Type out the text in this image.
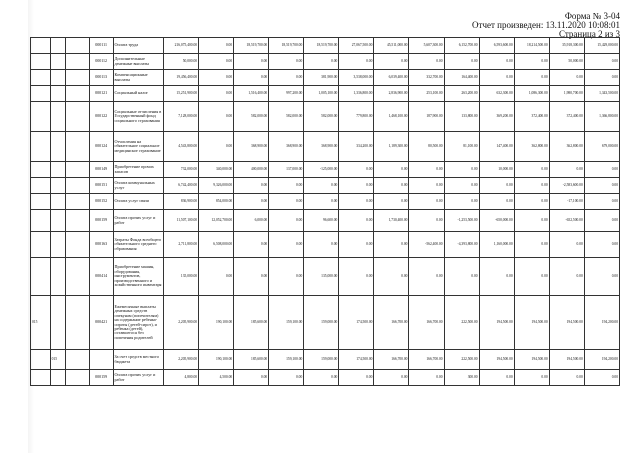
Форма № 3-04
Отчет произведен: 13.11.2020 10:08:01
Страница 2 из 3
			000111	Оплата труда	216,075,400.00	0.00	18,519,700.00	18,519,700.00	18,519,700.00	27,067,500.00	45,511,000.00	5,607,300.00	6,152,700.00	6,593,600.00	18,214,500.00	35,918,300.00	15,429,000.00
			000112	Дополнительные денежные выплаты	50,000.00	0.00	0.00	0.00	0.00	0.00	0.00	0.00	0.00	0.00	0.00	50,000.00	0.00
			000113	Компенсационные выплаты	19,456,400.00	0.00	0.00	0.00	381,900.00	3,538,000.00	6,039,400.00	332,700.00	164,400.00	0.00	0.00	0.00	0.00
			000121	Социальный налог	15,251,900.00	0.00	1,516,400.00	997,200.00	1,005,100.00	1,336,800.00	2,836,900.00	253,100.00	263,200.00	632,300.00	1,086,300.00	1,980,700.00	1,343,500.00
			000122	Социальные отчисления в Государственный фонд социального страхования	7,128,000.00	0.00	582,000.00	582,000.00	582,000.00	779,800.00	1,468,100.00	187,900.00	133,800.00	369,200.00	372,400.00	372,400.00	1,366,800.00
			000124	Отчисления на обязательное социальное медицинское страхование	4,543,800.00	0.00	368,900.00	368,900.00	368,900.00	334,200.00	1,189,300.00	80,500.00	81,100.00	147,400.00	362,800.00	362,800.00	679,000.00
			000149	Приобретение прочих запасов	732,000.00	340,000.00	400,000.00	137,000.00	-125,000.00	0.00	0.00	0.00	0.00	10,000.00	0.00	0.00	0.00
			000151	Оплата коммунальных услуг	6,742,400.00	9,326,000.00	0.00	0.00	0.00	0.00	0.00	0.00	0.00	0.00	0.00	-2,583,600.00	0.00
			000152	Оплата услуг связи	836,900.00	854,000.00	0.00	0.00	0.00	0.00	0.00	0.00	0.00	0.00	0.00	-17,100.00	0.00
			000159	Оплата прочих услуг и работ	11,507,100.00	12,052,700.00	6,000.00	0.00	96,600.00	0.00	1,730,400.00	0.00	-1,253,500.00	-650,000.00	0.00	-652,500.00	0.00
			000163	Затраты Фонда всеобщего обязательного среднего образования	2,711,800.00	6,508,000.00	0.00	0.00	0.00	0.00	0.00	-562,400.00	-4,393,800.00	1,160,000.00	0.00	0.00	0.00
			000414	Приобретение машин, оборудования, инструментов, производственного и хозяйственного инвентаря	135,000.00	0.00	0.00	0.00	135,000.00	0.00	0.00	0.00	0.00	0.00	0.00	0.00	0.00
015			000421	Ежемесячные выплаты денежных средств опекунам (попечителям) на содержание ребенка-сироты (детей-сирот), и ребенка (детей), оставшегося без попечения родителей	2,205,900.00	190,100.00	185,600.00	159,100.00	159,000.00	174,500.00	166,700.00	166,700.00	222,500.00	194,500.00	194,500.00	194,500.00	194,200.00
	015			За счет средств местного бюджета	2,205,900.00	190,100.00	185,600.00	159,100.00	159,000.00	174,500.00	166,700.00	166,700.00	222,500.00	194,500.00	194,500.00	194,500.00	194,200.00
			000159	Оплата прочих услуг и работ	4,800.00	4,500.00	0.00	0.00	0.00	0.00	0.00	0.00	300.00	0.00	0.00	0.00	0.00
